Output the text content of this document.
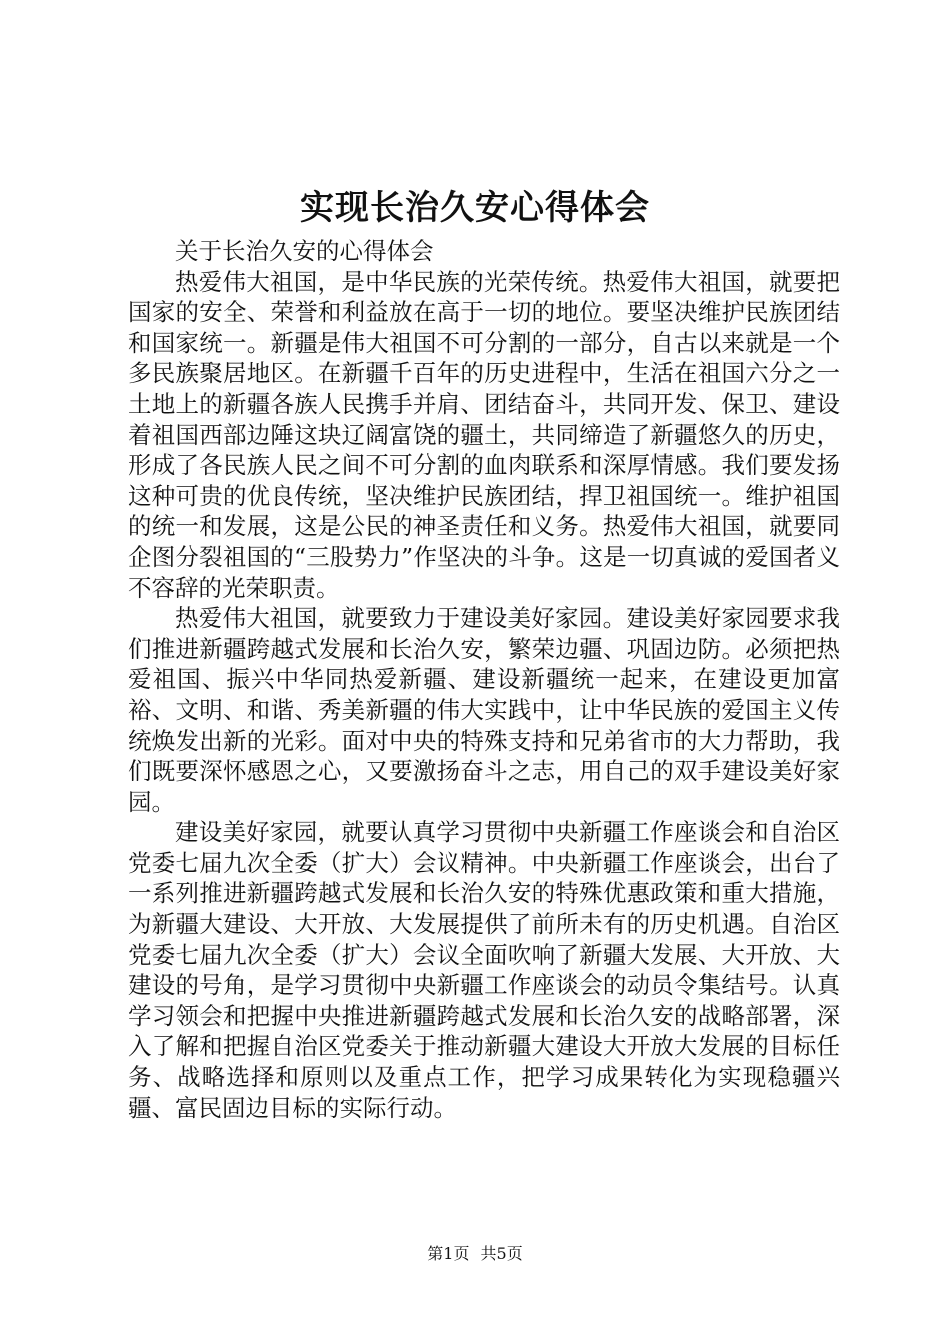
实现长治久安心得体会

关于长治久安的心得体会

热爱伟大祖国，是中华民族的光荣传统。热爱伟大祖国，就要把国家的安全、荣誉和利益放在高于一切的地位。要坚决维护民族团结和国家统一。新疆是伟大祖国不可分割的一部分，自古以来就是一个多民族聚居地区。在新疆千百年的历史进程中，生活在祖国六分之一土地上的新疆各族人民携手并肩、团结奋斗，共同开发、保卫、建设着祖国西部边陲这块辽阔富饶的疆土，共同缔造了新疆悠久的历史，形成了各民族人民之间不可分割的血肉联系和深厚情感。我们要发扬这种可贵的优良传统，坚决维护民族团结，捍卫祖国统一。维护祖国的统一和发展，这是公民的神圣责任和义务。热爱伟大祖国，就要同企图分裂祖国的“三股势力”作坚决的斗争。这是一切真诚的爱国者义不容辞的光荣职责。

热爱伟大祖国，就要致力于建设美好家园。建设美好家园要求我们推进新疆跨越式发展和长治久安，繁荣边疆、巩固边防。必须把热爱祖国、振兴中华同热爱新疆、建设新疆统一起来，在建设更加富裕、文明、和谐、秀美新疆的伟大实践中，让中华民族的爱国主义传统焕发出新的光彩。面对中央的特殊支持和兄弟省市的大力帮助，我们既要深怀感恩之心，又要激扬奋斗之志，用自己的双手建设美好家园。

建设美好家园，就要认真学习贯彻中央新疆工作座谈会和自治区党委七届九次全委（扩大）会议精神。中央新疆工作座谈会，出台了一系列推进新疆跨越式发展和长治久安的特殊优惠政策和重大措施，为新疆大建设、大开放、大发展提供了前所未有的历史机遇。自治区党委七届九次全委（扩大）会议全面吹响了新疆大发展、大开放、大建设的号角，是学习贯彻中央新疆工作座谈会的动员令集结号。认真学习领会和把握中央推进新疆跨越式发展和长治久安的战略部署，深入了解和把握自治区党委关于推动新疆大建设大开放大发展的目标任务、战略选择和原则以及重点工作，把学习成果转化为实现稳疆兴疆、富民固边目标的实际行动。

第1页 共5页
